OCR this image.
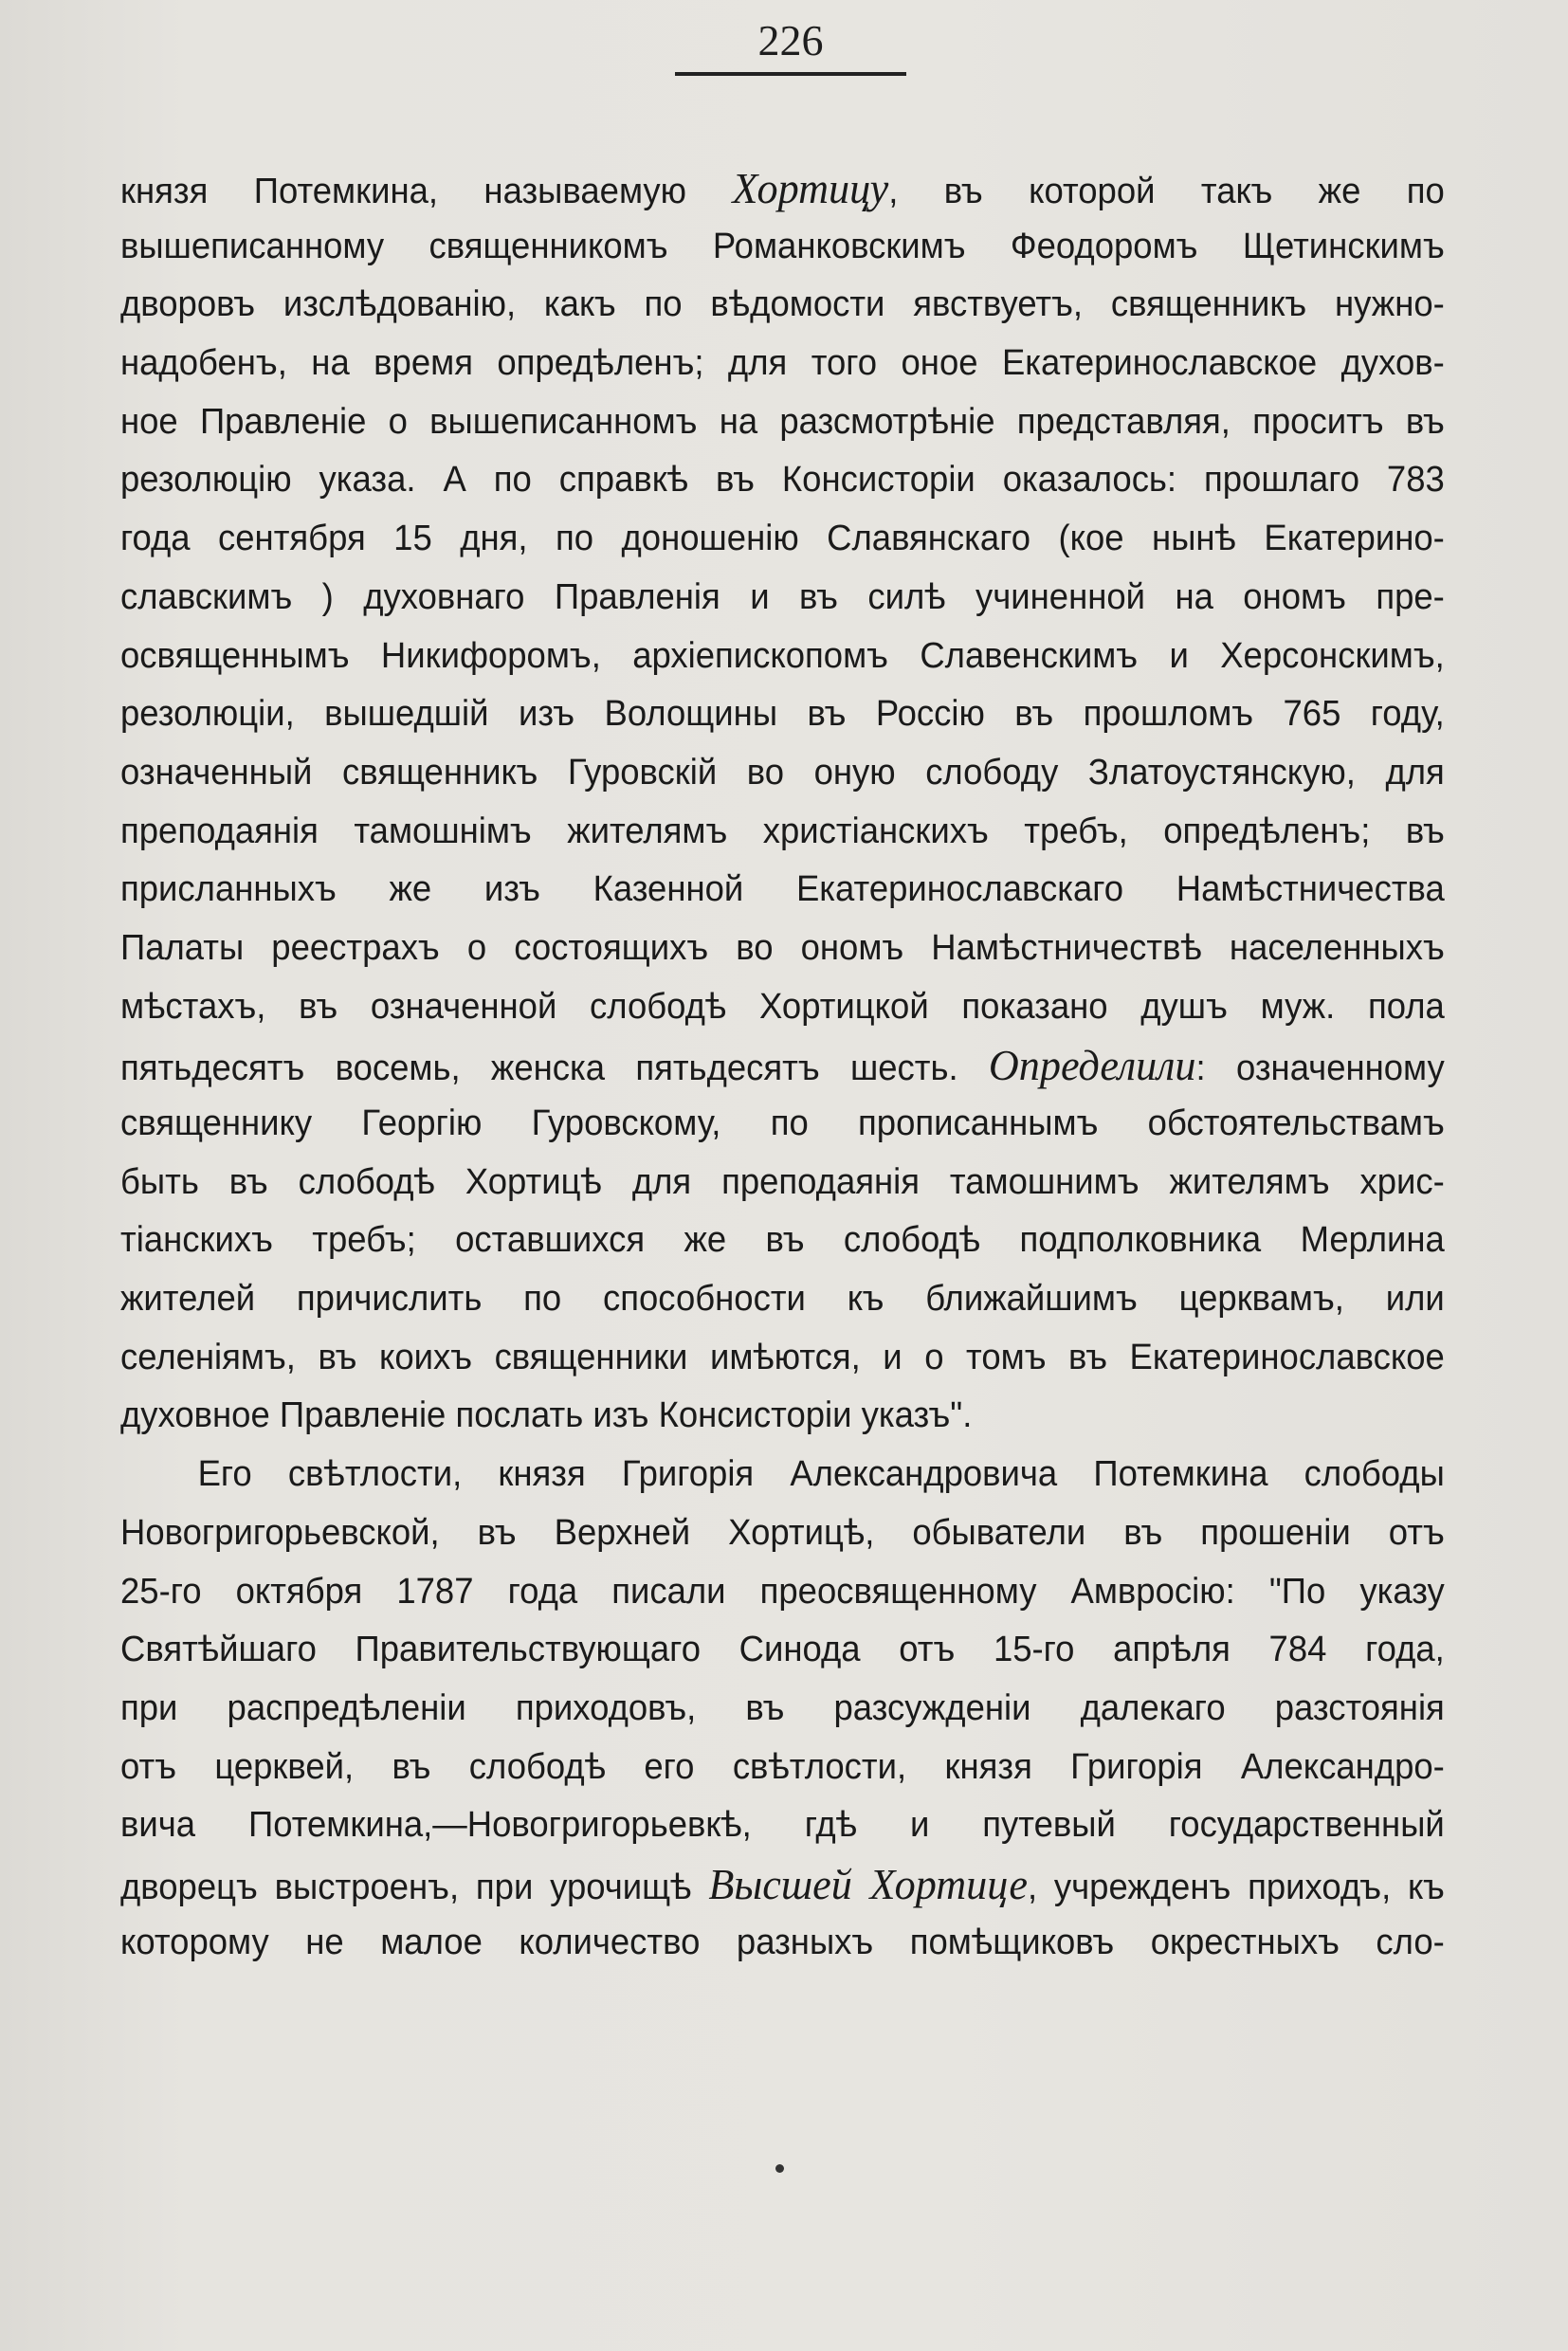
226
князя Потемкина, называемую Хортицу, въ которой такъ же по
вышеписанному священникомъ Романковскимъ Феодоромъ Щетинскимъ
дворовъ изслѣдованію, какъ по вѣдомости явствуетъ, священникъ нужно-
надобенъ, на время опредѣленъ; для того оное Екатеринославское духов-
ное Правленіе о вышеписанномъ на разсмотрѣніе представляя, проситъ въ
резолюцію указа. А по справкѣ въ Консисторіи оказалось: прошлаго 783
года сентября 15 дня, по доношенію Славянскаго (кое нынѣ Екатерино-
славскимъ ) духовнаго Правленія и въ силѣ учиненной на ономъ пре-
освященнымъ Никифоромъ, архіепископомъ Славенскимъ и Херсонскимъ,
резолюціи, вышедшій изъ Волощины въ Россію въ прошломъ 765 году,
означенный священникъ Гуровскій во оную слободу Златоустянскую, для
преподаянія тамошнімъ жителямъ христіанскихъ требъ, опредѣленъ; въ
присланныхъ же изъ Казенной Екатеринославскаго Намѣстничества
Палаты реестрахъ о состоящихъ во ономъ Намѣстничествѣ населенныхъ
мѣстахъ, въ означенной слободѣ Хортицкой показано душъ муж. пола
пятьдесятъ восемь, женска пятьдесятъ шесть. Определили: означенному
священнику Георгію Гуровскому, по прописаннымъ обстоятельствамъ
быть въ слободѣ Хортицѣ для преподаянія тамошнимъ жителямъ хрис-
тіанскихъ требъ; оставшихся же въ слободѣ подполковника Мерлина
жителей причислить по способности къ ближайшимъ церквамъ, или
селеніямъ, въ коихъ священники имѣются, и о томъ въ Екатеринославское
духовное Правленіе послать изъ Консисторіи указъ".
Его свѣтлости, князя Григорія Александровича Потемкина слободы
Новогригорьевской, въ Верхней Хортицѣ, обыватели въ прошеніи отъ
25-го октября 1787 года писали преосвященному Амвросію: "По указу
Святѣйшаго Правительствующаго Синода отъ 15-го апрѣля 784 года,
при распредѣленіи приходовъ, въ разсужденіи далекаго разстоянія
отъ церквей, въ слободѣ его свѣтлости, князя Григорія Александро-
вича Потемкина,—Новогригорьевкѣ, гдѣ и путевый государственный
дворецъ выстроенъ, при урочищѣ Высшей Хортице, учрежденъ приходъ, къ
которому не малое количество разныхъ помѣщиковъ окрестныхъ сло-
